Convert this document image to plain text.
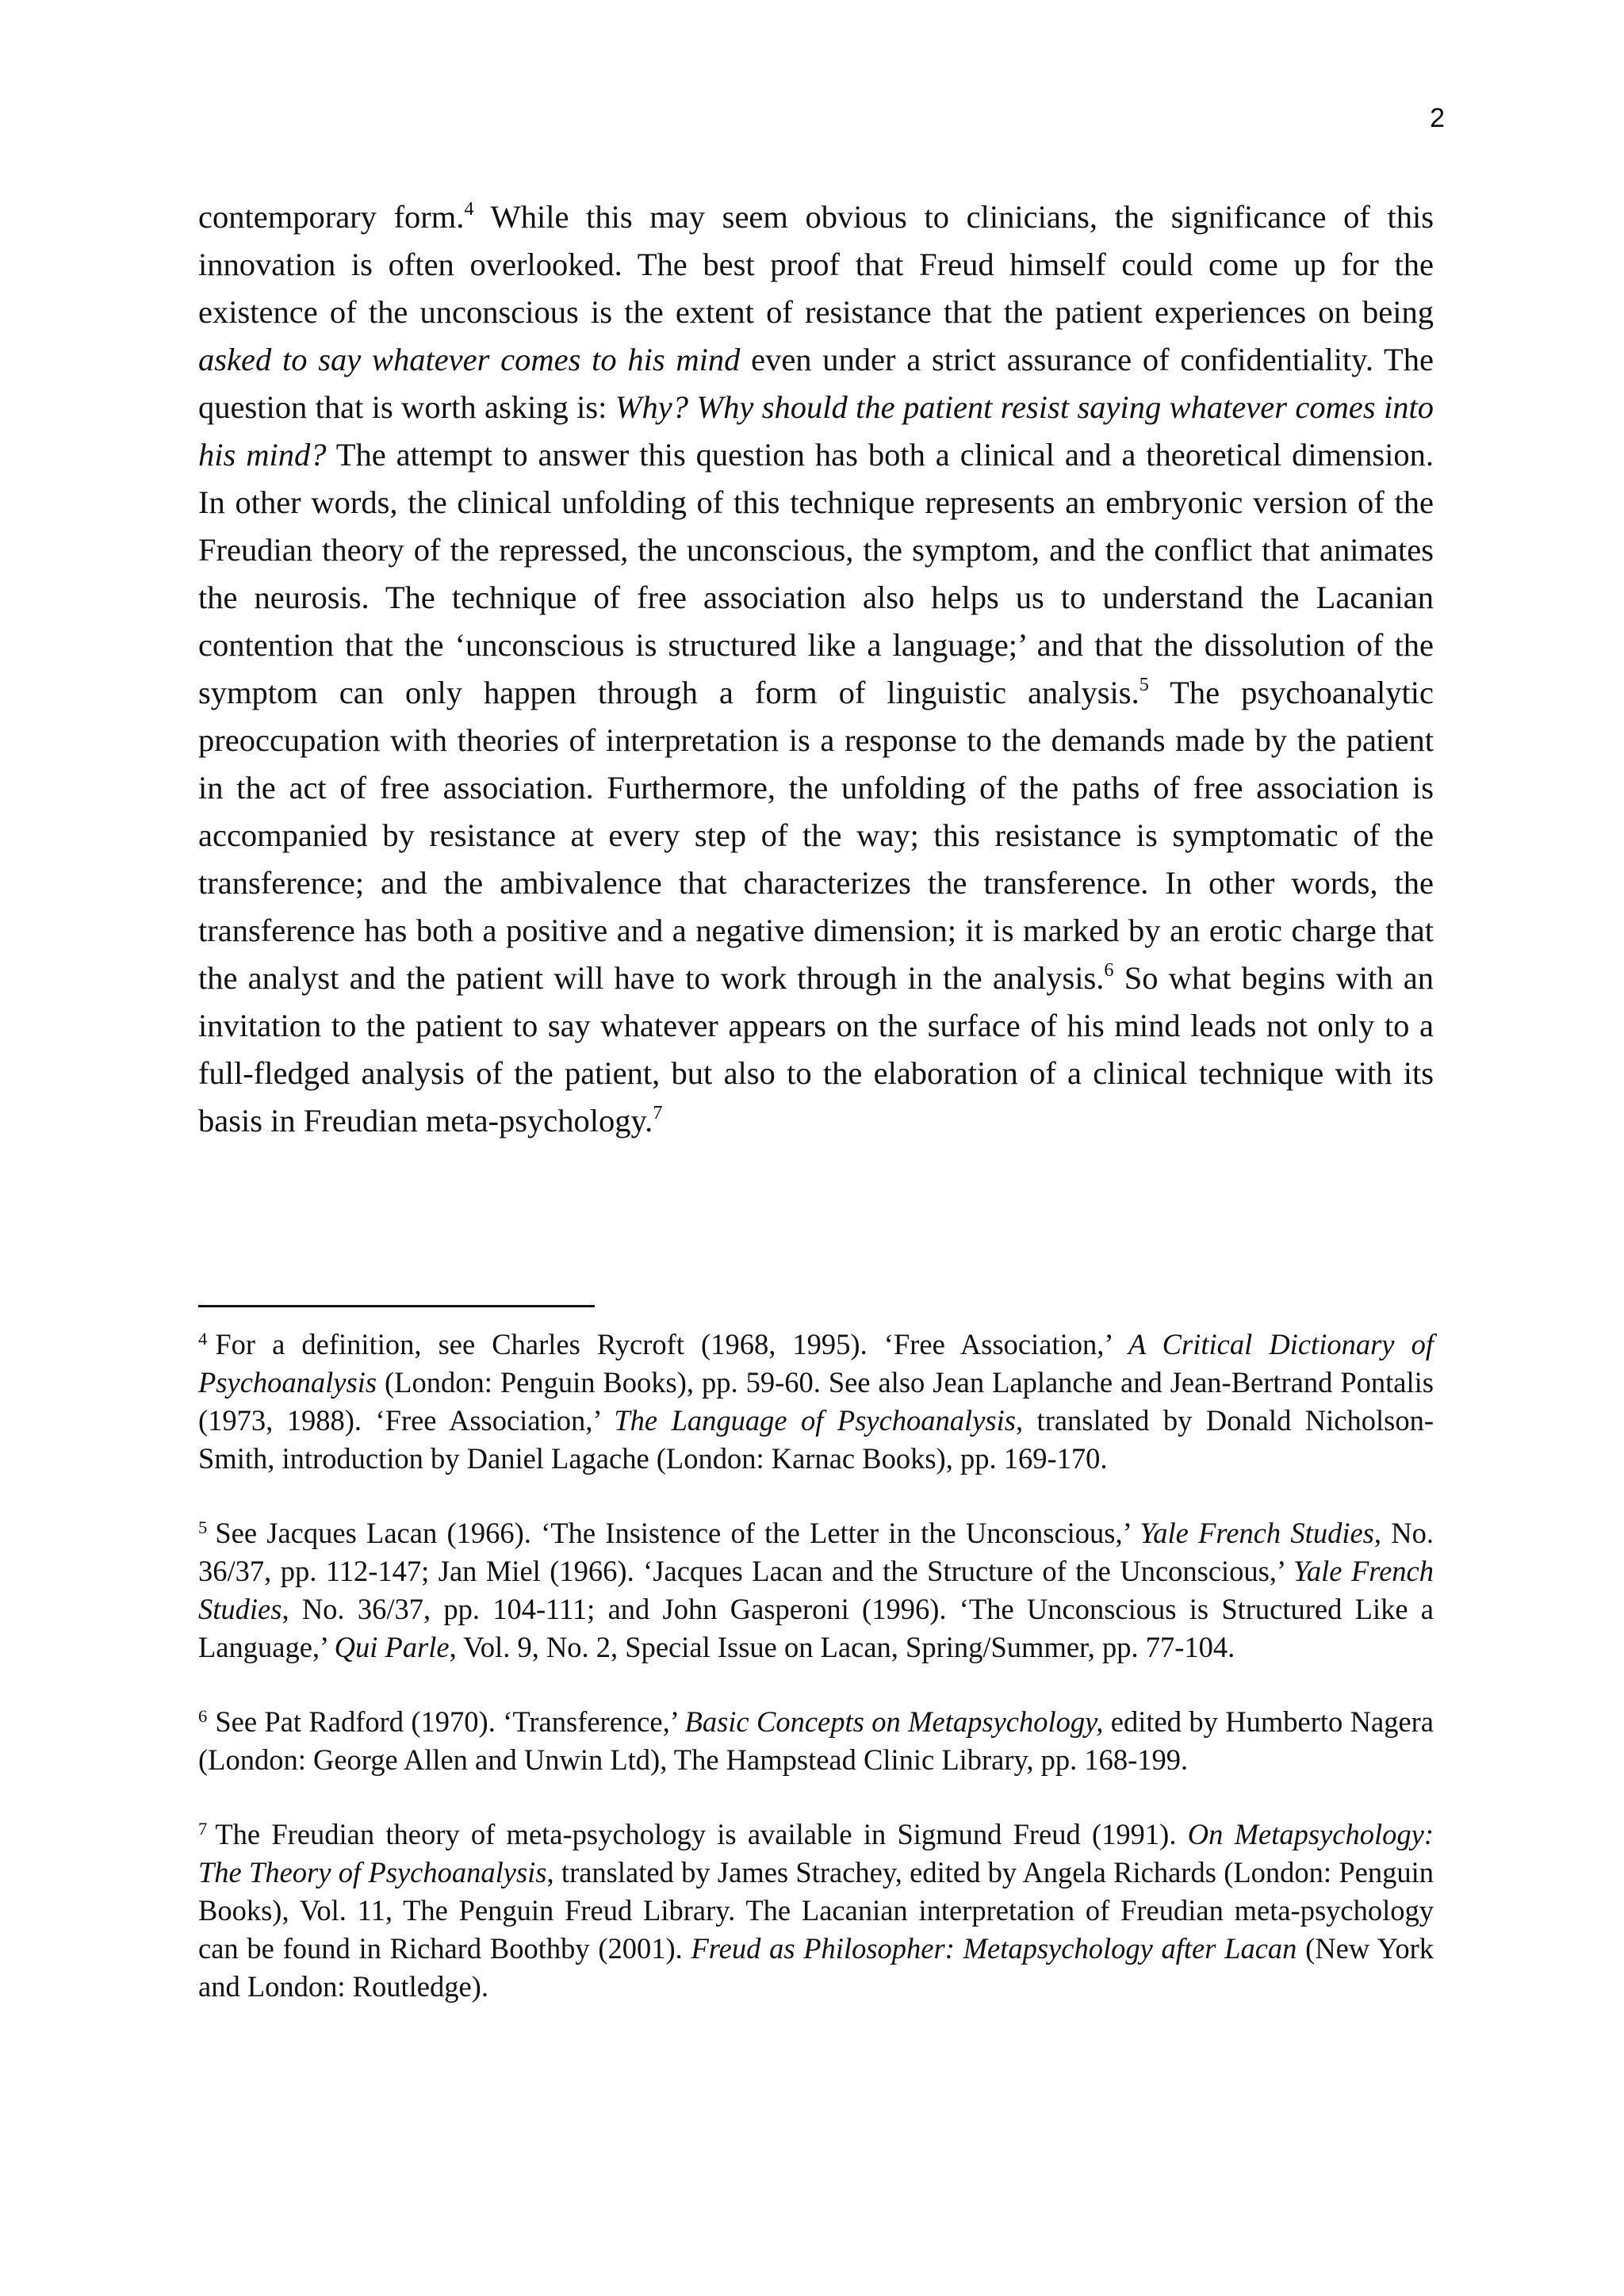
2

contemporary form.$^4$ While this may seem obvious to clinicians, the significance of this innovation is often overlooked. The best proof that Freud himself could come up for the existence of the unconscious is the extent of resistance that the patient experiences on being asked to say whatever comes to his mind even under a strict assurance of confidentiality. The question that is worth asking is: Why? Why should the patient resist saying whatever comes into his mind? The attempt to answer this question has both a clinical and a theoretical dimension. In other words, the clinical unfolding of this technique represents an embryonic version of the Freudian theory of the repressed, the unconscious, the symptom, and the conflict that animates the neurosis. The technique of free association also helps us to understand the Lacanian contention that the ‘unconscious is structured like a language;’ and that the dissolution of the symptom can only happen through a form of linguistic analysis.$^5$ The psychoanalytic preoccupation with theories of interpretation is a response to the demands made by the patient in the act of free association. Furthermore, the unfolding of the paths of free association is accompanied by resistance at every step of the way; this resistance is symptomatic of the transference; and the ambivalence that characterizes the transference. In other words, the transference has both a positive and a negative dimension; it is marked by an erotic charge that the analyst and the patient will have to work through in the analysis.$^6$ So what begins with an invitation to the patient to say whatever appears on the surface of his mind leads not only to a full-fledged analysis of the patient, but also to the elaboration of a clinical technique with its basis in Freudian meta-psychology.$^7$

$^4$ For a definition, see Charles Rycroft (1968, 1995). ‘Free Association,’ A Critical Dictionary of Psychoanalysis (London: Penguin Books), pp. 59-60. See also Jean Laplanche and Jean-Bertrand Pontalis (1973, 1988). ‘Free Association,’ The Language of Psychoanalysis, translated by Donald Nicholson-Smith, introduction by Daniel Lagache (London: Karnac Books), pp. 169-170.

$^5$ See Jacques Lacan (1966). ‘The Insistence of the Letter in the Unconscious,’ Yale French Studies, No. 36/37, pp. 112-147; Jan Miel (1966). ‘Jacques Lacan and the Structure of the Unconscious,’ Yale French Studies, No. 36/37, pp. 104-111; and John Gasperoni (1996). ‘The Unconscious is Structured Like a Language,’ Qui Parle, Vol. 9, No. 2, Special Issue on Lacan, Spring/Summer, pp. 77-104.

$^6$ See Pat Radford (1970). ‘Transference,’ Basic Concepts on Metapsychology, edited by Humberto Nagera (London: George Allen and Unwin Ltd), The Hampstead Clinic Library, pp. 168-199.

$^7$ The Freudian theory of meta-psychology is available in Sigmund Freud (1991). On Metapsychology: The Theory of Psychoanalysis, translated by James Strachey, edited by Angela Richards (London: Penguin Books), Vol. 11, The Penguin Freud Library. The Lacanian interpretation of Freudian meta-psychology can be found in Richard Boothby (2001). Freud as Philosopher: Metapsychology after Lacan (New York and London: Routledge).
